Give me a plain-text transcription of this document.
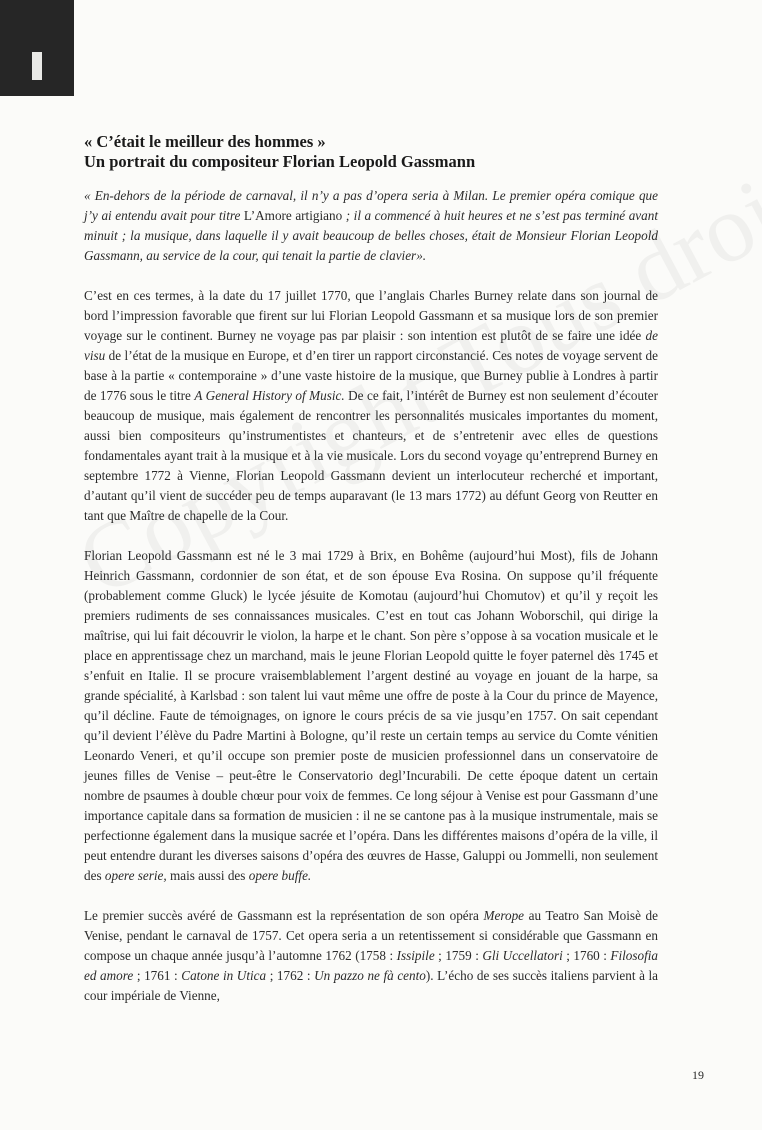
« C’était le meilleur des hommes »
Un portrait du compositeur Florian Leopold Gassmann

« En-dehors de la période de carnaval, il n’y a pas d’opera seria à Milan. Le premier opéra comique que j’y ai entendu avait pour titre L’Amore artigiano ; il a commencé à huit heures et ne s’est pas terminé avant minuit ; la musique, dans laquelle il y avait beaucoup de belles choses, était de Monsieur Florian Leopold Gassmann, au service de la cour, qui tenait la partie de clavier».

C’est en ces termes, à la date du 17 juillet 1770, que l’anglais Charles Burney relate dans son journal de bord l’impression favorable que firent sur lui Florian Leopold Gassmann et sa musique lors de son premier voyage sur le continent. Burney ne voyage pas par plaisir : son intention est plutôt de se faire une idée de visu de l’état de la musique en Europe, et d’en tirer un rapport circonstancié. Ces notes de voyage servent de base à la partie « contemporaine » d’une vaste histoire de la musique, que Burney publie à Londres à partir de 1776 sous le titre A General History of Music. De ce fait, l’intérêt de Burney est non seulement d’écouter beaucoup de musique, mais également de rencontrer les personnalités musicales importantes du moment, aussi bien compositeurs qu’instrumentistes et chanteurs, et de s’entretenir avec elles de questions fondamentales ayant trait à la musique et à la vie musicale. Lors du second voyage qu’entreprend Burney en septembre 1772 à Vienne, Florian Leopold Gassmann devient un interlocuteur recherché et important, d’autant qu’il vient de succéder peu de temps auparavant (le 13 mars 1772) au défunt Georg von Reutter en tant que Maître de chapelle de la Cour.

Florian Leopold Gassmann est né le 3 mai 1729 à Brix, en Bohême (aujourd’hui Most), fils de Johann Heinrich Gassmann, cordonnier de son état, et de son épouse Eva Rosina. On suppose qu’il fréquente (probablement comme Gluck) le lycée jésuite de Komotau (aujourd’hui Chomutov) et qu’il y reçoit les premiers rudiments de ses connaissances musicales. C’est en tout cas Johann Woborschil, qui dirige la maîtrise, qui lui fait découvrir le violon, la harpe et le chant. Son père s’oppose à sa vocation musicale et le place en apprentissage chez un marchand, mais le jeune Florian Leopold quitte le foyer paternel dès 1745 et s’enfuit en Italie. Il se procure vraisemblablement l’argent destiné au voyage en jouant de la harpe, sa grande spécialité, à Karlsbad : son talent lui vaut même une offre de poste à la Cour du prince de Mayence, qu’il décline. Faute de témoignages, on ignore le cours précis de sa vie jusqu’en 1757. On sait cependant qu’il devient l’élève du Padre Martini à Bologne, qu’il reste un certain temps au service du Comte vénitien Leonardo Veneri, et qu’il occupe son premier poste de musicien professionnel dans un conservatoire de jeunes filles de Venise – peut-être le Conservatorio degl’Incurabili. De cette époque datent un certain nombre de psaumes à double chœur pour voix de femmes. Ce long séjour à Venise est pour Gassmann d’une importance capitale dans sa formation de musicien : il ne se cantone pas à la musique instrumentale, mais se perfectionne également dans la musique sacrée et l’opéra. Dans les différentes maisons d’opéra de la ville, il peut entendre durant les diverses saisons d’opéra des œuvres de Hasse, Galuppi ou Jommelli, non seulement des opere serie, mais aussi des opere buffe.

Le premier succès avéré de Gassmann est la représentation de son opéra Merope au Teatro San Moisè de Venise, pendant le carnaval de 1757. Cet opera seria a un retentissement si considérable que Gassmann en compose un chaque année jusqu’à l’automne 1762 (1758 : Issipile ; 1759 : Gli Uccellatori ; 1760 : Filosofia ed amore ; 1761 : Catone in Utica ; 1762 : Un pazzo ne fà cento). L’écho de ses succès italiens parvient à la cour impériale de Vienne,

19
